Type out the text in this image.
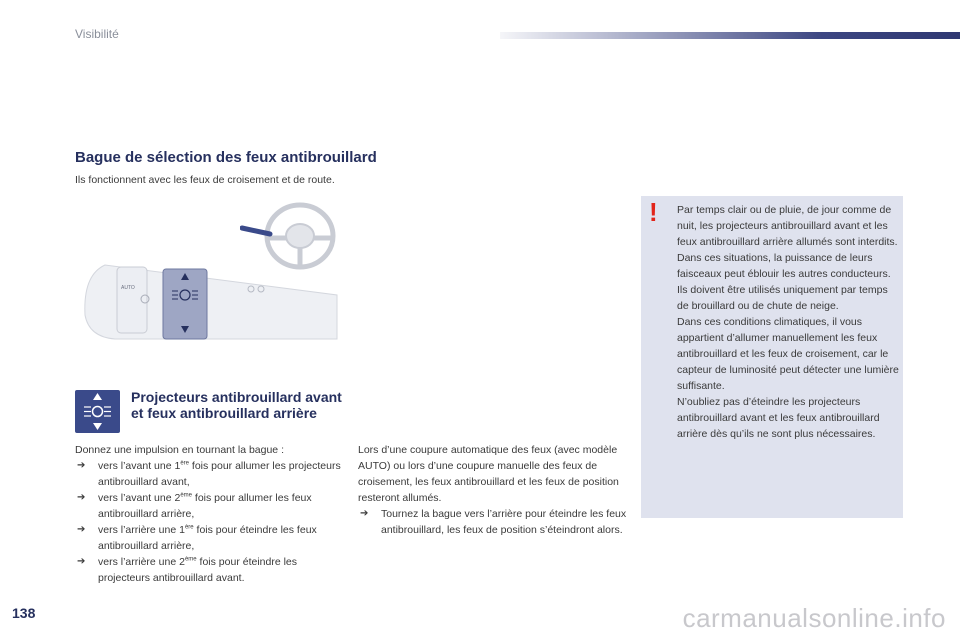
Visibilité
Bague de sélection des feux antibrouillard
Ils fonctionnent avec les feux de croisement et de route.
AUTO
Projecteurs antibrouillard avant et feux antibrouillard arrière

Donnez une impulsion en tournant la bague :

➔ vers l’avant une 1ère fois pour allumer les projecteurs antibrouillard avant,
➔ vers l’avant une 2ème fois pour allumer les feux antibrouillard arrière,
➔ vers l’arrière une 1ère fois pour éteindre les feux antibrouillard arrière,
➔ vers l’arrière une 2ème fois pour éteindre les projecteurs antibrouillard avant.

Lors d’une coupure automatique des feux (avec modèle AUTO) ou lors d’une coupure manuelle des feux de croisement, les feux antibrouillard et les feux de position resteront allumés.

➔ Tournez la bague vers l’arrière pour éteindre les feux antibrouillard, les feux de position s’éteindront alors.
! Par temps clair ou de pluie, de jour comme de nuit, les projecteurs antibrouillard avant et les feux antibrouillard arrière allumés sont interdits. Dans ces situations, la puissance de leurs faisceaux peut éblouir les autres conducteurs. Ils doivent être utilisés uniquement par temps de brouillard ou de chute de neige.

Dans ces conditions climatiques, il vous appartient d’allumer manuellement les feux antibrouillard et les feux de croisement, car le capteur de luminosité peut détecter une lumière suffisante.

N’oubliez pas d’éteindre les projecteurs antibrouillard avant et les feux antibrouillard arrière dès qu’ils ne sont plus nécessaires.

138	carmanualsonline.info
